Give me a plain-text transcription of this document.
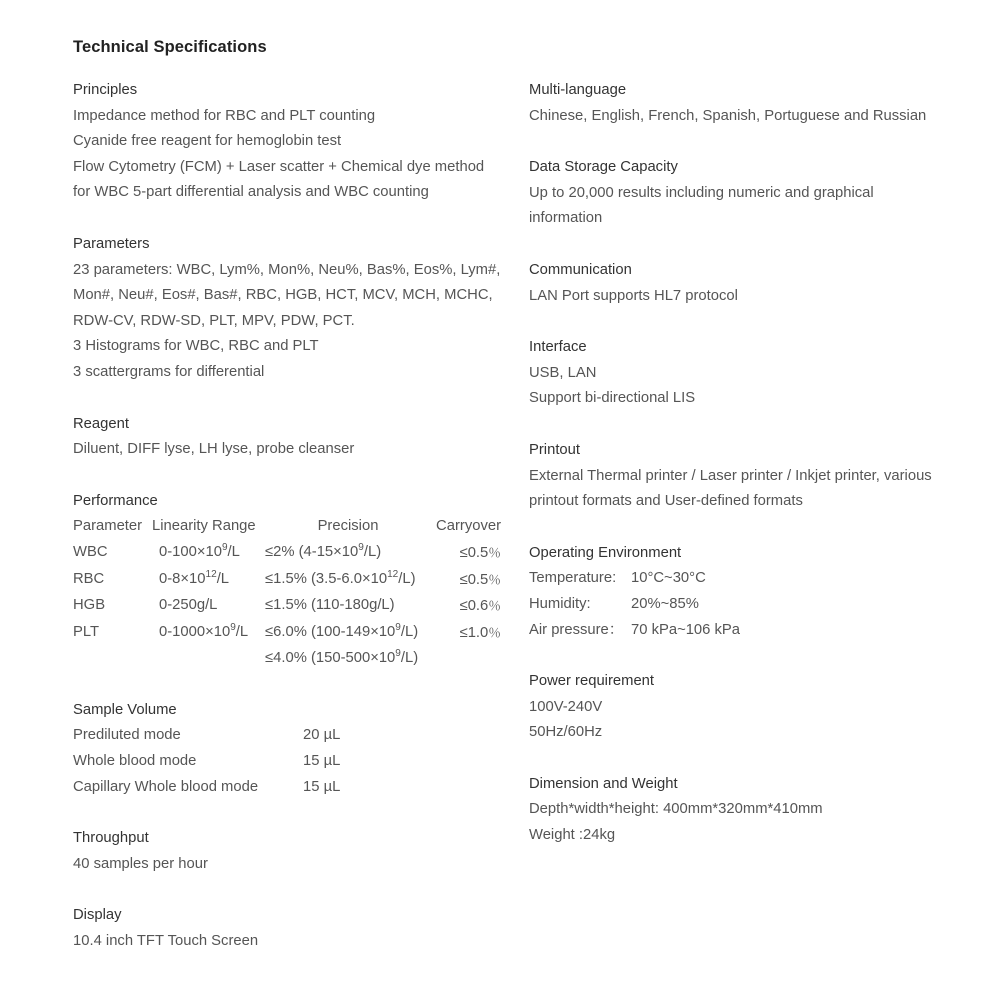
Technical Specifications
Principles
Impedance method for RBC and PLT counting
Cyanide free reagent for hemoglobin test
Flow Cytometry (FCM) + Laser scatter + Chemical dye method
for WBC 5-part differential analysis and WBC counting
Parameters
23 parameters: WBC, Lym%, Mon%, Neu%, Bas%, Eos%, Lym#,
Mon#, Neu#, Eos#, Bas#, RBC, HGB, HCT, MCV, MCH, MCHC,
RDW-CV, RDW-SD, PLT, MPV, PDW, PCT.
3 Histograms for WBC, RBC and PLT
3 scattergrams for differential
Reagent
Diluent, DIFF lyse, LH lyse, probe cleanser
Performance
Parameter	Linearity Range	Precision	Carryover
WBC	$0-100\times 10^9/L$	≤2% $(4-15\times 10^9/L)$	≤0.5％
RBC	$0-8\times 10^{12}/L$	≤1.5% $(3.5-6.0\times 10^{12}/L)$	≤0.5％
HGB	0-250g/L	≤1.5% (110-180g/L)	≤0.6％
PLT	$0-1000\times 10^9/L$	≤6.0% $(100-149\times 10^9/L)$	≤1.0％
		≤4.0% $(150-500\times 10^9/L)$	
Sample Volume
Prediluted mode	20 µL
Whole blood mode	15 µL
Capillary Whole blood mode	15 µL
Throughput
40 samples per hour
Display
10.4 inch TFT Touch Screen
Multi-language
Chinese, English, French, Spanish, Portuguese and Russian
Data Storage Capacity
Up to 20,000 results including numeric and graphical
information
Communication
LAN Port supports HL7 protocol
Interface
USB, LAN
Support bi-directional LIS
Printout
External Thermal printer / Laser printer / Inkjet printer, various
printout formats and User-defined formats
Operating Environment
Temperature:	10°C~30°C
Humidity:	20%~85%
Air pressure：	70 kPa~106 kPa
Power requirement
100V-240V
50Hz/60Hz
Dimension and Weight
Depth*width*height: 400mm*320mm*410mm
Weight :24kg
